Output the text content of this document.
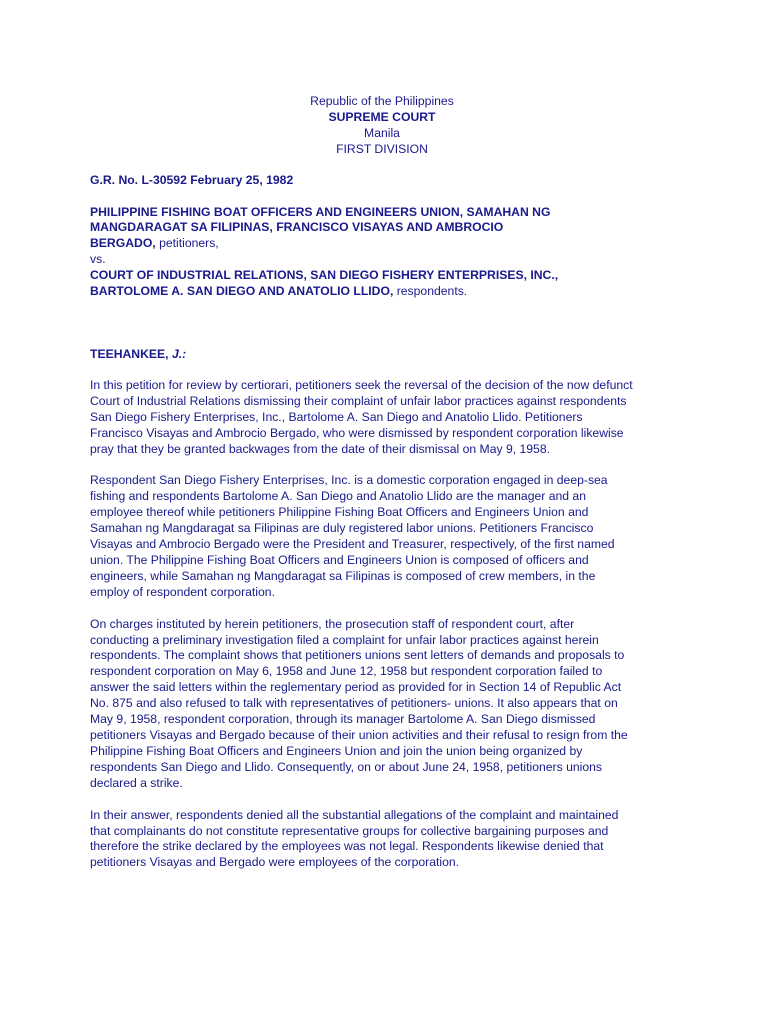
Republic of the Philippines
SUPREME COURT
Manila
FIRST DIVISION
G.R. No. L-30592 February 25, 1982
PHILIPPINE FISHING BOAT OFFICERS AND ENGINEERS UNION, SAMAHAN NG
MANGDARAGAT SA FILIPINAS, FRANCISCO VISAYAS AND AMBROCIO
BERGADO, petitioners,
vs.
COURT OF INDUSTRIAL RELATIONS, SAN DIEGO FISHERY ENTERPRISES, INC.,
BARTOLOME A. SAN DIEGO AND ANATOLIO LLIDO, respondents.
TEEHANKEE, J.:
In this petition for review by certiorari, petitioners seek the reversal of the decision of the now defunct
Court of Industrial Relations dismissing their complaint of unfair labor practices against respondents
San Diego Fishery Enterprises, Inc., Bartolome A. San Diego and Anatolio Llido. Petitioners
Francisco Visayas and Ambrocio Bergado, who were dismissed by respondent corporation likewise
pray that they be granted backwages from the date of their dismissal on May 9, 1958.
Respondent San Diego Fishery Enterprises, Inc. is a domestic corporation engaged in deep-sea
fishing and respondents Bartolome A. San Diego and Anatolio Llido are the manager and an
employee thereof while petitioners Philippine Fishing Boat Officers and Engineers Union and
Samahan ng Mangdaragat sa Filipinas are duly registered labor unions. Petitioners Francisco
Visayas and Ambrocio Bergado were the President and Treasurer, respectively, of the first named
union. The Philippine Fishing Boat Officers and Engineers Union is composed of officers and
engineers, while Samahan ng Mangdaragat sa Filipinas is composed of crew members, in the
employ of respondent corporation.
On charges instituted by herein petitioners, the prosecution staff of respondent court, after
conducting a preliminary investigation filed a complaint for unfair labor practices against herein
respondents. The complaint shows that petitioners unions sent letters of demands and proposals to
respondent corporation on May 6, 1958 and June 12, 1958 but respondent corporation failed to
answer the said letters within the reglementary period as provided for in Section 14 of Republic Act
No. 875 and also refused to talk with representatives of petitioners- unions. It also appears that on
May 9, 1958, respondent corporation, through its manager Bartolome A. San Diego dismissed
petitioners Visayas and Bergado because of their union activities and their refusal to resign from the
Philippine Fishing Boat Officers and Engineers Union and join the union being organized by
respondents San Diego and Llido. Consequently, on or about June 24, 1958, petitioners unions
declared a strike.
In their answer, respondents denied all the substantial allegations of the complaint and maintained
that complainants do not constitute representative groups for collective bargaining purposes and
therefore the strike declared by the employees was not legal. Respondents likewise denied that
petitioners Visayas and Bergado were employees of the corporation.
